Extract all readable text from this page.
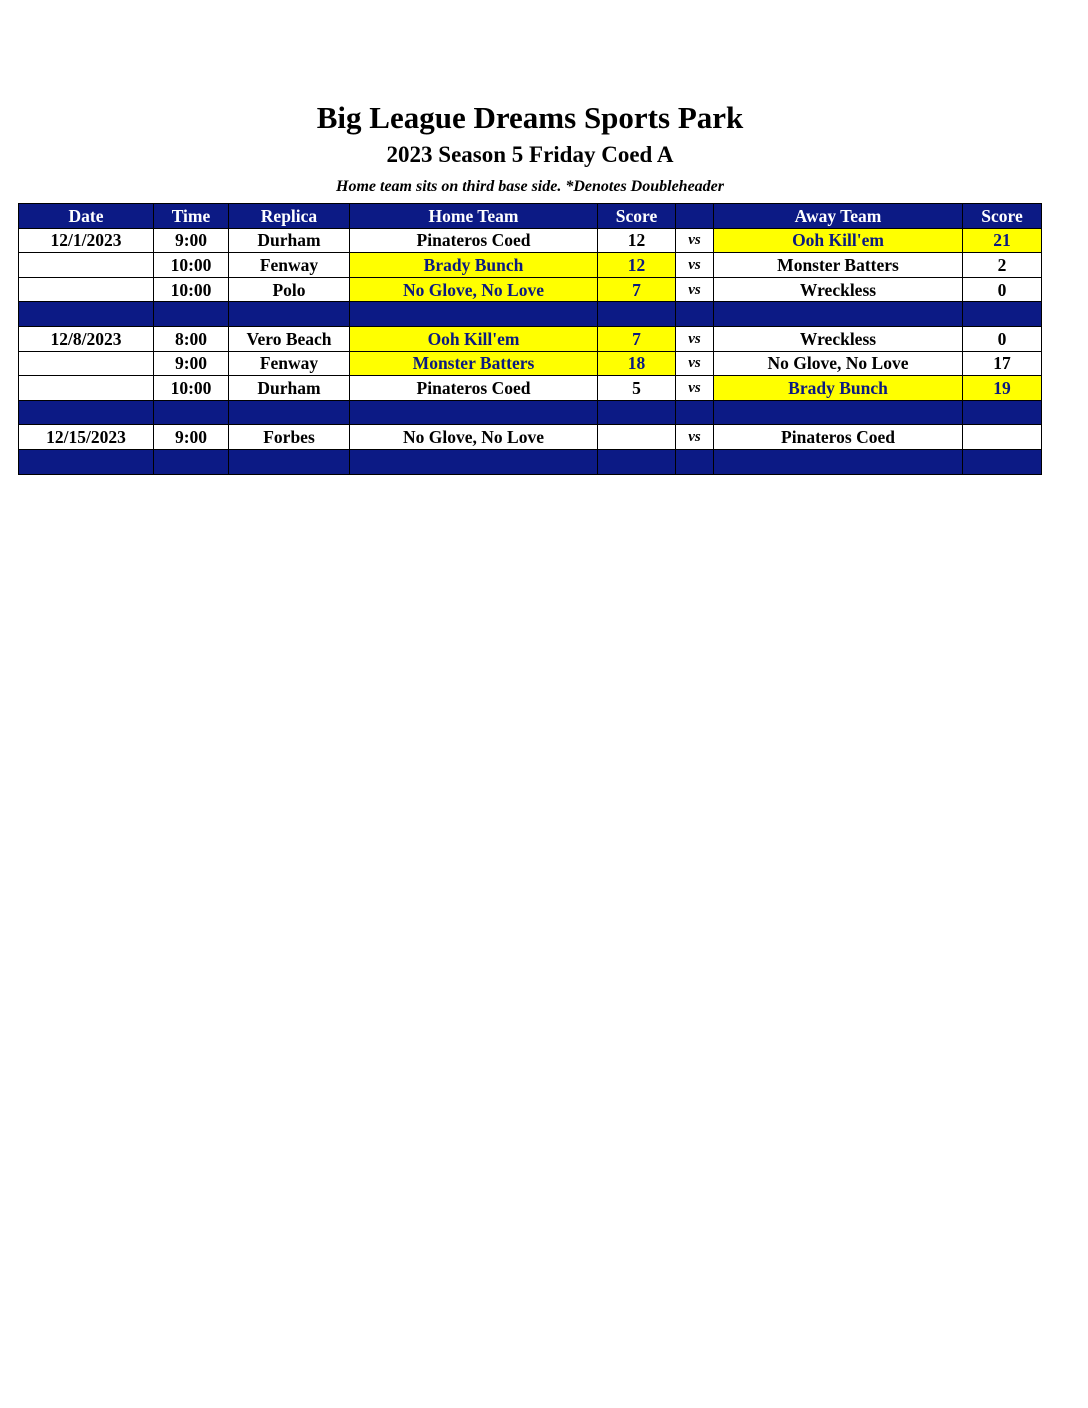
Big League Dreams Sports Park
2023 Season 5 Friday Coed A
Home team sits on third base side. *Denotes Doubleheader
Date	Time	Replica	Home Team	Score		Away Team	Score
12/1/2023	9:00	Durham	Pinateros Coed	12	vs	Ooh Kill'em	21
	10:00	Fenway	Brady Bunch	12	vs	Monster Batters	2
	10:00	Polo	No Glove, No Love	7	vs	Wreckless	0

12/8/2023	8:00	Vero Beach	Ooh Kill'em	7	vs	Wreckless	0
	9:00	Fenway	Monster Batters	18	vs	No Glove, No Love	17
	10:00	Durham	Pinateros Coed	5	vs	Brady Bunch	19

12/15/2023	9:00	Forbes	No Glove, No Love		vs	Pinateros Coed	
